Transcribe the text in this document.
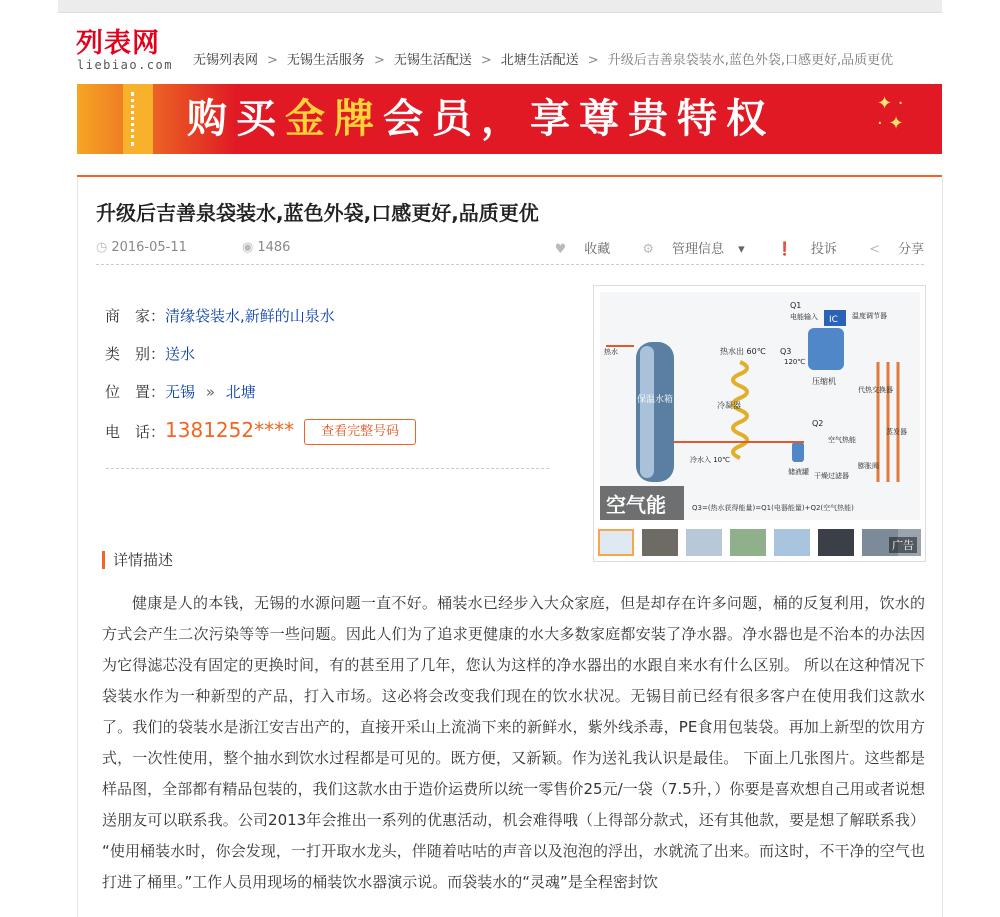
列表网
liebiao.com 无锡列表网 > 无锡生活服务 > 无锡生活配送 > 北塘生活配送 > 升级后吉善泉袋装水,蓝色外袋,口感更好,品质更优
购买金牌会员，享尊贵特权	✦ ·
· ✦
升级后吉善泉袋装水,蓝色外袋,口感更好,品质更优
◷ 2016-05-11	◉ 1486	♥ 收藏 ⚙ 管理信息 ▾ ❗ 投诉 < 分享
商　家：清缘袋装水,新鲜的山泉水
类　别：送水
位　置：无锡 » 北塘
电　话：1381252**** 查看完整号码
保温水箱
冷凝器
IC
Q1
电能输入	温度调节器
压缩机
热水出 60℃ Q3
120℃
代热交换器
Q2
空气热能
蒸发器
储液罐 干燥过滤器
膨胀阀
冷水入 10℃
热水
空气能	Q3=(热水获得能量)=Q1(电器能量)+Q2(空气热能)
广告
详情描述
健康是人的本钱，无锡的水源问题一直不好。桶装水已经步入大众家庭，但是却存在许多问题，桶的反复利用，饮水的方式会产生二次污染等等一些问题。因此人们为了追求更健康的水大多数家庭都安装了净水器。净水器也是不治本的办法因为它得滤芯没有固定的更换时间，有的甚至用了几年，您认为这样的净水器出的水跟自来水有什么区别。 所以在这种情况下袋装水作为一种新型的产品，打入市场。这必将会改变我们现在的饮水状况。无锡目前已经有很多客户在使用我们这款水了。我们的袋装水是浙江安吉出产的，直接开采山上流淌下来的新鲜水，紫外线杀毒，PE食用包装袋。再加上新型的饮用方式，一次性使用，整个抽水到饮水过程都是可见的。既方便，又新颖。作为送礼我认识是最佳。 下面上几张图片。这些都是样品图，全部都有精品包装的，我们这款水由于造价运费所以统一零售价25元/一袋（7.5升，）你要是喜欢想自己用或者说想送朋友可以联系我。公司2013年会推出一系列的优惠活动，机会难得哦（上得部分款式，还有其他款，要是想了解联系我） “使用桶装水时，你会发现，一打开取水龙头，伴随着咕咕的声音以及泡泡的浮出，水就流了出来。而这时，不干净的空气也打进了桶里。”工作人员用现场的桶装饮水器演示说。而袋装水的“灵魂”是全程密封饮
